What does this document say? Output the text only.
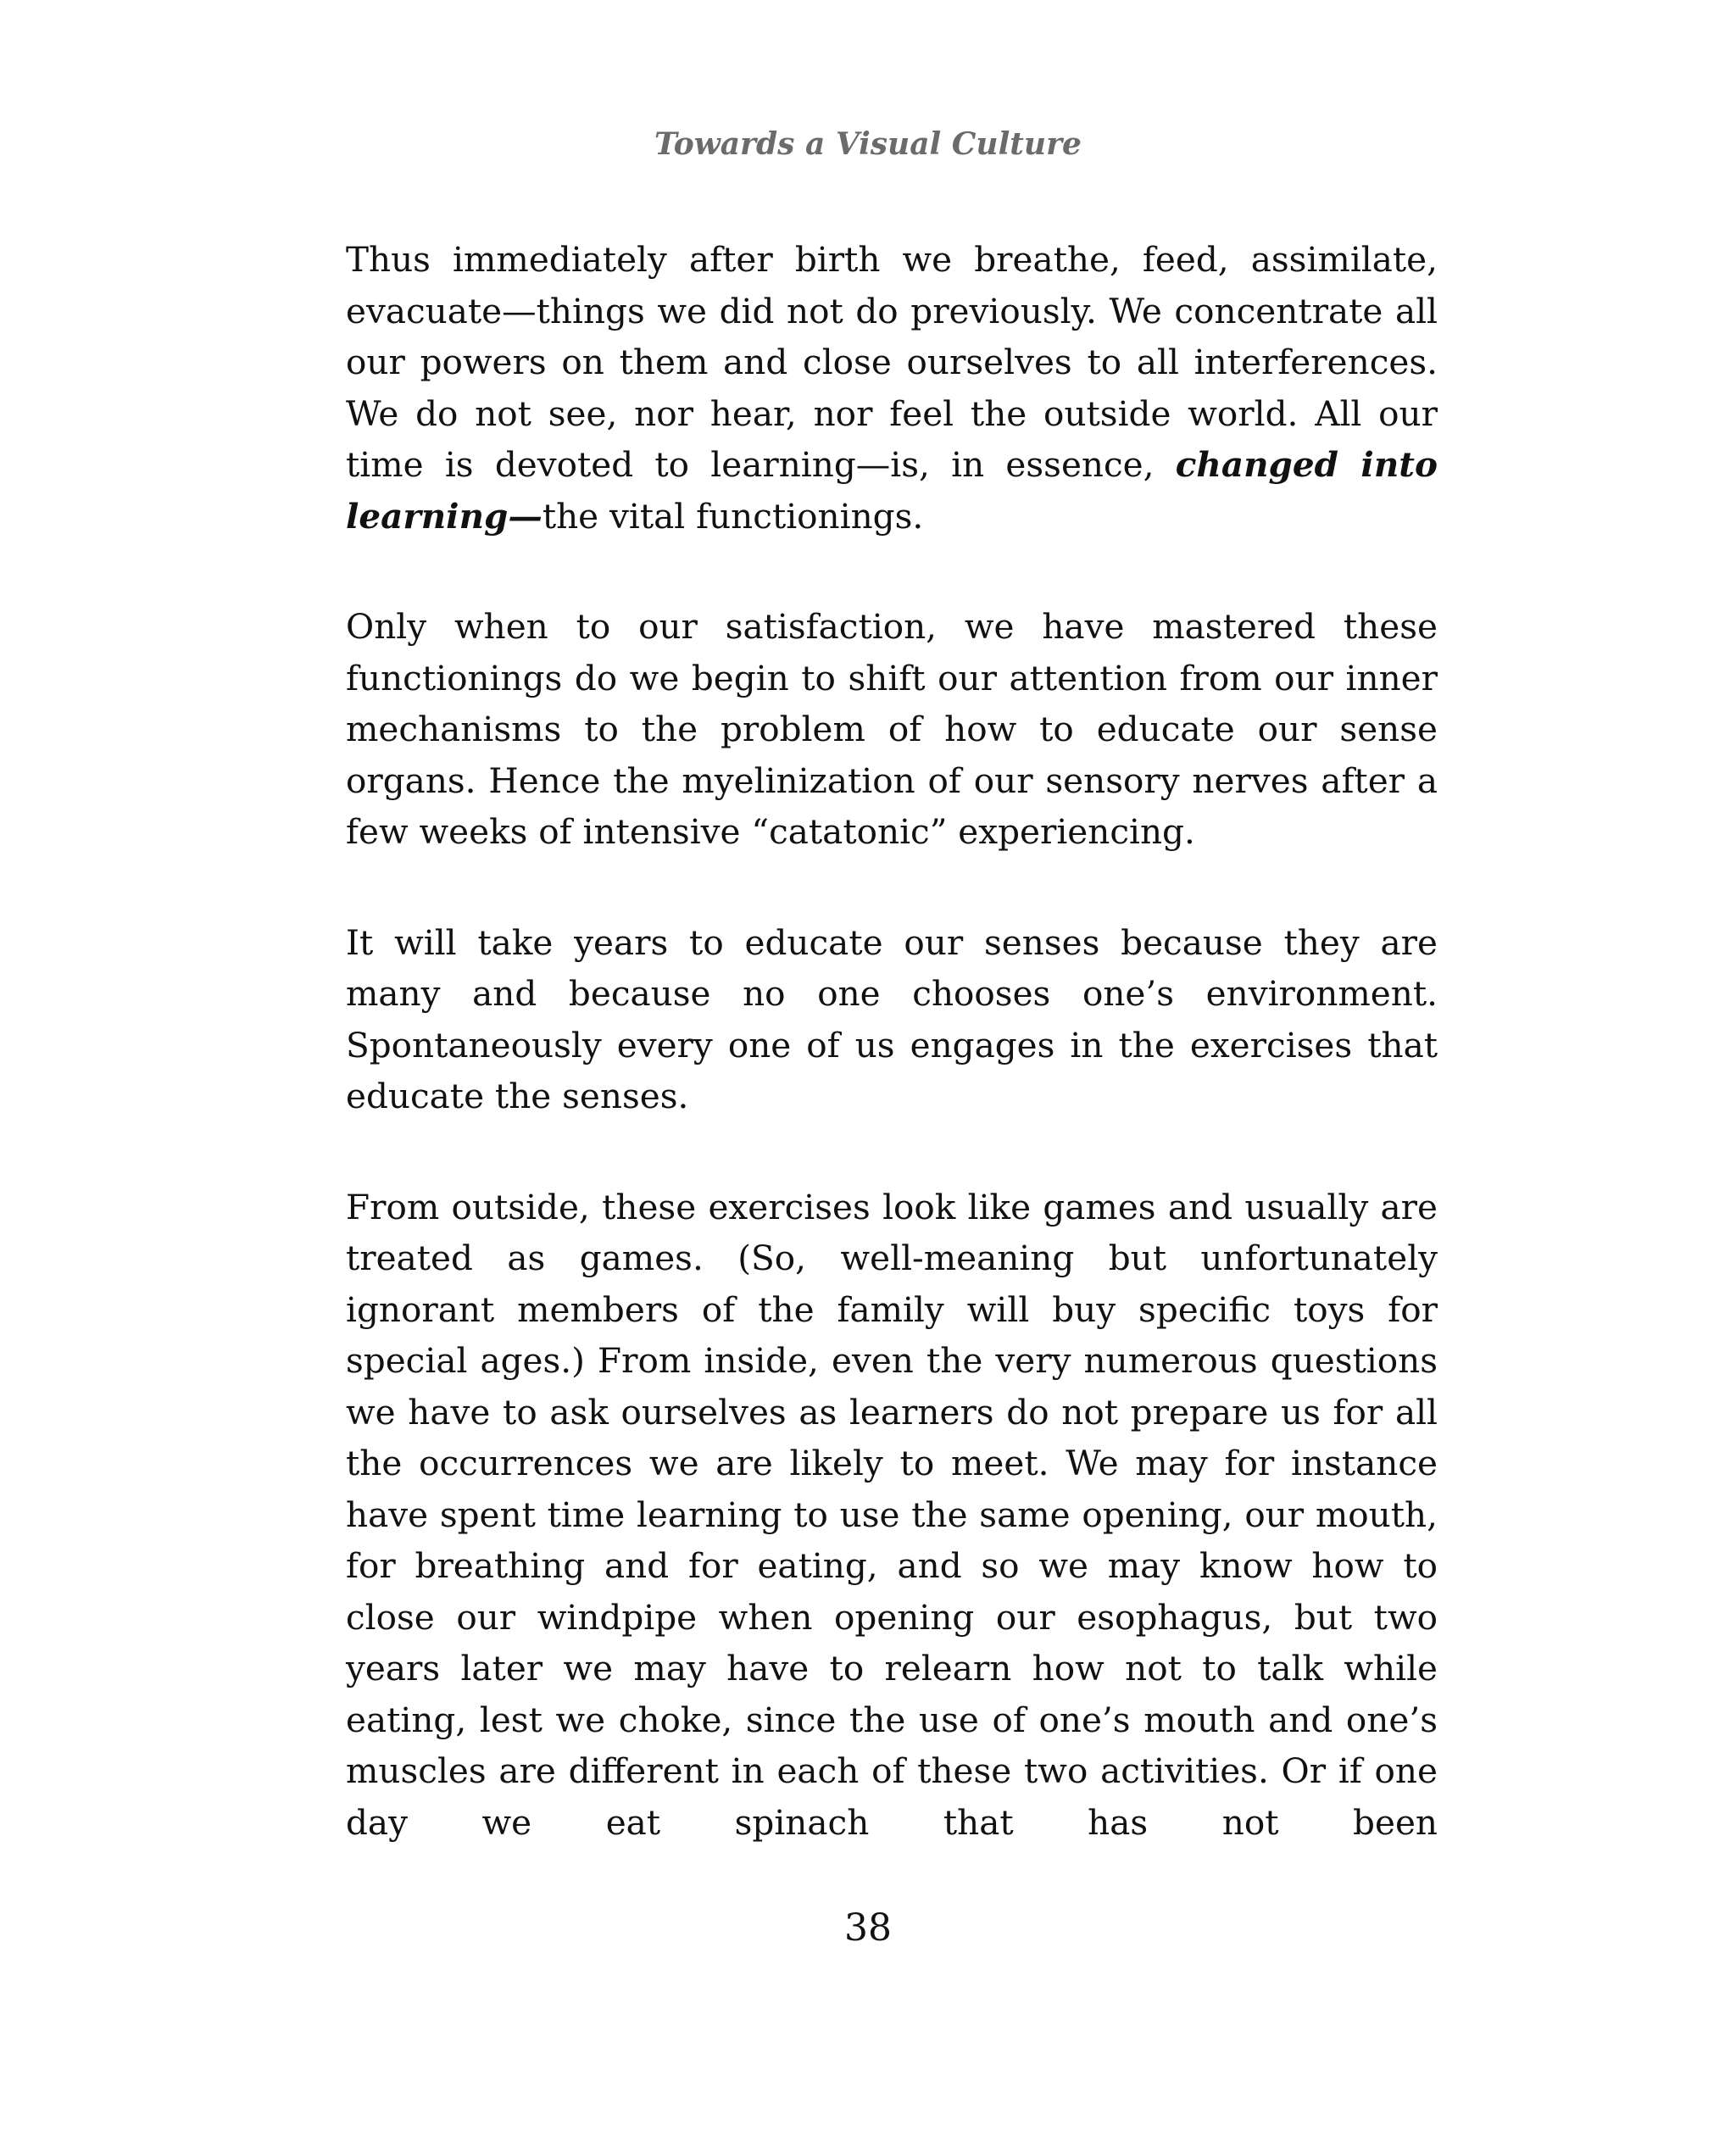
Towards a Visual Culture

Thus immediately after birth we breathe, feed, assimilate, evacuate—things we did not do previously. We concentrate all our powers on them and close ourselves to all interferences. We do not see, nor hear, nor feel the outside world. All our time is devoted to learning—is, in essence, changed into learning—the vital functionings.

Only when to our satisfaction, we have mastered these functionings do we begin to shift our attention from our inner mechanisms to the problem of how to educate our sense organs. Hence the myelinization of our sensory nerves after a few weeks of intensive “catatonic” experiencing.

It will take years to educate our senses because they are many and because no one chooses one’s environment. Spontaneously every one of us engages in the exercises that educate the senses.

From outside, these exercises look like games and usually are treated as games. (So, well-meaning but unfortunately ignorant members of the family will buy specific toys for special ages.) From inside, even the very numerous questions we have to ask ourselves as learners do not prepare us for all the occurrences we are likely to meet. We may for instance have spent time learning to use the same opening, our mouth, for breathing and for eating, and so we may know how to close our windpipe when opening our esophagus, but two years later we may have to relearn how not to talk while eating, lest we choke, since the use of one’s mouth and one’s muscles are different in each of these two activities. Or if one day we eat spinach that has not been

38
